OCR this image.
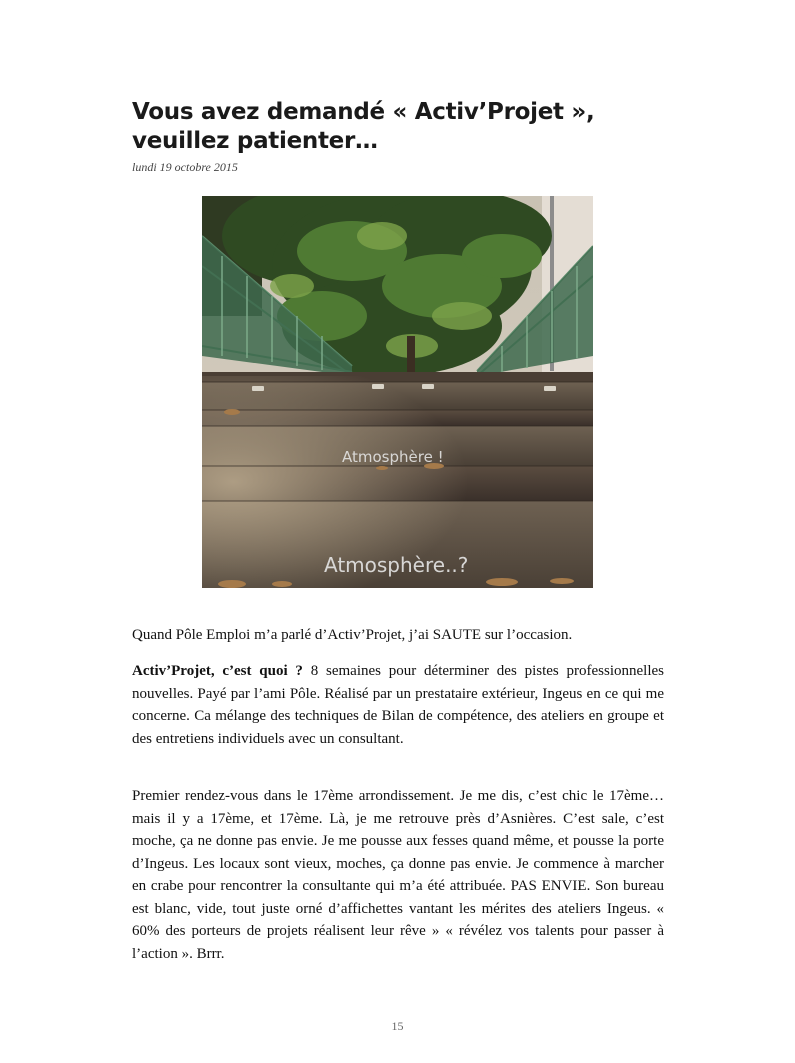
Vous avez demandé « Activ’Projet », veuillez patienter…
lundi 19 octobre 2015
Atmosphère !
Atmosphère..?

Quand Pôle Emploi m’a parlé d’Activ’Projet, j’ai SAUTE sur l’occasion.

Activ’Projet, c’est quoi ? 8 semaines pour déterminer des pistes professionnelles nouvelles. Payé par l’ami Pôle. Réalisé par un prestataire extérieur, Ingeus en ce qui me concerne. Ca mélange des techniques de Bilan de compétence, des ateliers en groupe et des entretiens individuels avec un consultant.

Premier rendez-vous dans le 17ème arrondissement. Je me dis, c’est chic le 17ème…mais il y a 17ème, et 17ème. Là, je me retrouve près d’Asnières. C’est sale, c’est moche, ça ne donne pas envie. Je me pousse aux fesses quand même, et pousse la porte d’Ingeus. Les locaux sont vieux, moches, ça donne pas envie. Je commence à marcher en crabe pour rencontrer la consultante qui m’a été attribuée. PAS ENVIE. Son bureau est blanc, vide, tout juste orné d’affichettes vantant les mérites des ateliers Ingeus. « 60% des porteurs de projets réalisent leur rêve » « révélez vos talents pour passer à l’action ». Brrr.

15
